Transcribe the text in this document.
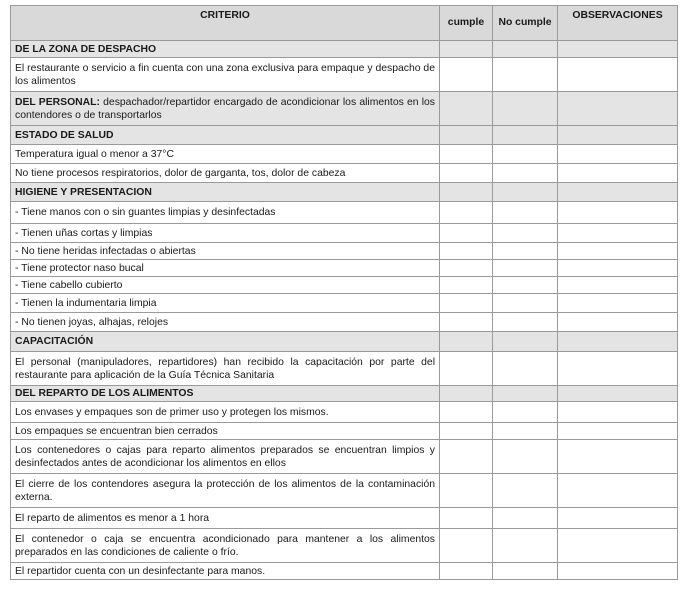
CRITERIO	cumple	No cumple	OBSERVACIONES
DE LA ZONA DE DESPACHO			
El restaurante o servicio a fin cuenta con una zona exclusiva para empaque y despacho de los alimentos			
DEL PERSONAL: despachador/repartidor encargado de acondicionar los alimentos en los contendores o de transportarlos			
ESTADO DE SALUD			
Temperatura igual o menor a 37°C			
No tiene procesos respiratorios, dolor de garganta, tos, dolor de cabeza			
HIGIENE Y PRESENTACION			
- Tiene manos con o sin guantes limpias y desinfectadas			
- Tienen uñas cortas y limpias			
- No tiene heridas infectadas o abiertas			
- Tiene protector naso bucal			
- Tiene cabello cubierto			
- Tienen la indumentaria limpia			
- No tienen joyas, alhajas, relojes			
CAPACITACIÓN			
El personal (manipuladores, repartidores) han recibido la capacitación por parte del restaurante para aplicación de la Guía Técnica Sanitaria			
DEL REPARTO DE LOS ALIMENTOS			
Los envases y empaques son de primer uso y protegen los mismos.			
Los empaques se encuentran bien cerrados			
Los contenedores o cajas para reparto alimentos preparados se encuentran limpios y desinfectados antes de acondicionar los alimentos en ellos			
El cierre de los contendores asegura la protección de los alimentos de la contaminación externa.			
El reparto de alimentos es menor a 1 hora			
El contenedor o caja se encuentra acondicionado para mantener a los alimentos preparados en las condiciones de caliente o frío.			
El repartidor cuenta con un desinfectante para manos.			
